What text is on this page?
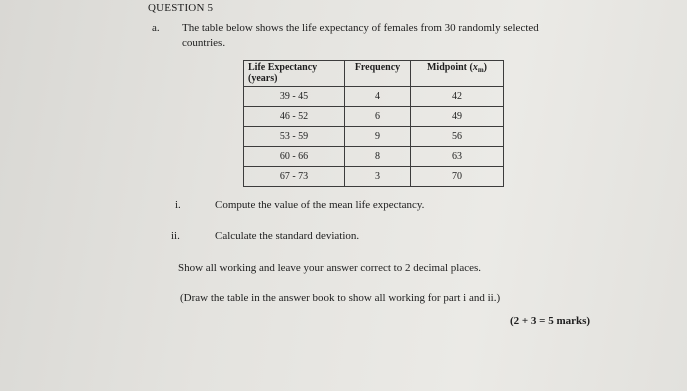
QUESTION 5
a. The table below shows the life expectancy of females from 30 randomly selected
countries.
Life Expectancy
(years)	Frequency	Midpoint $(x_m)$
39 - 45	4	42
46 - 52	6	49
53 - 59	9	56
60 - 66	8	63
67 - 73	3	70
i.	Compute the value of the mean life expectancy.
ii.	Calculate the standard deviation.
Show all working and leave your answer correct to 2 decimal places.
(Draw the table in the answer book to show all working for part i and ii.)
(2 + 3 = 5 marks)
